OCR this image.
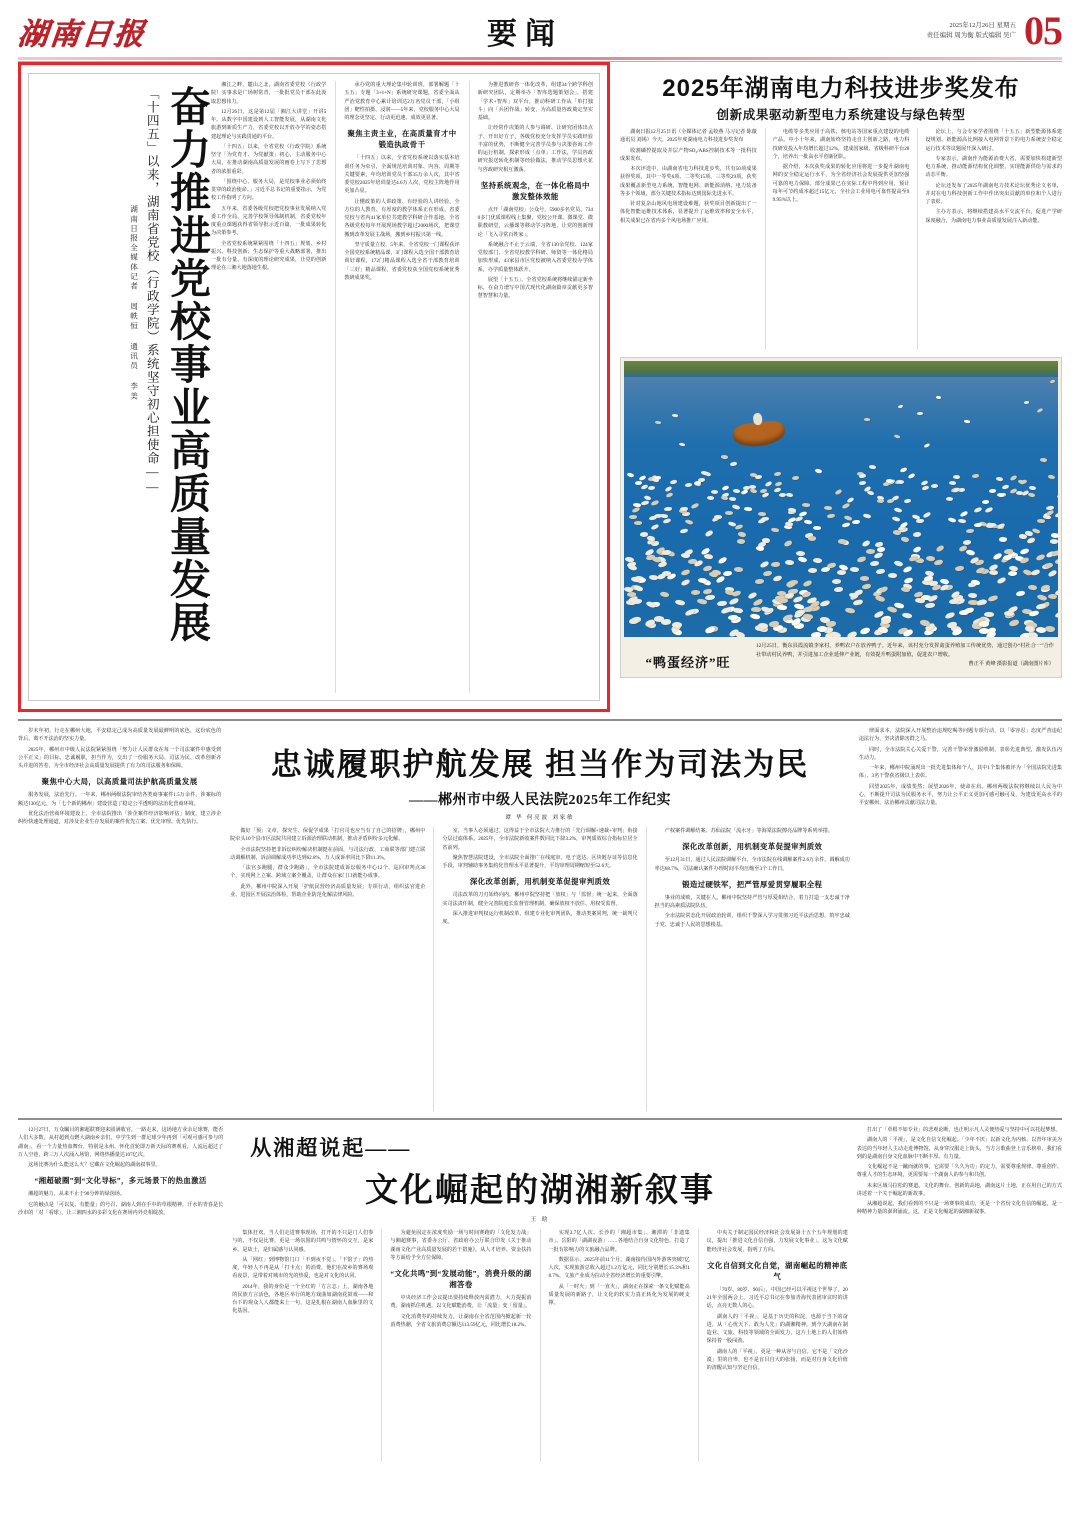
湖南日报	要闻	2025年12月26日 星期五
责任编辑 周为衡 版式编辑 吴广 05
奋力推进党校事业高质量发展
「十四五」以来，湖南省党校（行政学院）系统坚守初心担使命——
湖南日报全媒体记者 周帙恒 通讯员 李美

湘江之畔，麓山之北，湖南省委党校（行政学院）实事求是广场树常青，一批批党员干部在此汲取思想伟力。

12月26日，这是第12届「湘江大讲堂」开讲5年。从数字中国建设到人工智能发展，从湖南文化旅游到新质生产力，省委党校以开放办学的姿态搭建起理论与实践贯通的平台。

「十四五」以来，全省党校（行政学院）系统坚守「为党育才、为党献策」初心，主动服务中心大局，在推动湖南高质量发展的画卷上写下了思想者的浓墨重彩。

「围绕中心、服务大局，是党校事业必须始终贯穿的政治使命。」习近平总书记的重要指示，为党校工作指明了方向。

五年来，省委各级党校把党校事业发展纳入党委工作全局，完善学校领导体制机制，省委党校年度重点课题获得省领导批示近百篇，一批成果转化为决策参考。

全省党校系统紧紧围绕「十四五」规划、乡村振兴、科技创新、生态保护等重大战略部署，推出一批有分量、有深度的理论研究成果，让党的创新理论在三湘大地落地生根。

承办党的重大理论集中轮训班，部署解题「十五五」专题「3+1+N」系统研究课题，省委全面从严治党教育中心累计培训达2万名党员干部，「小组团」靶性拍摄、浸润——5年来，党校服务中心大局的理念更坚定、行动更迅速、成效更显著。

聚焦主责主业，在高质量育才中锻造执政骨干

「十四五」以来，全省党校系统以落实基本培训任务为牵引，全面规范培训对象、内容、周期等关键要素，年均培训党员干部35万余人次，其中省委党校2025年培训量达4.6万人次，党校主阵地作用更加凸显。

让懂政策的人讲政策、有经验的人讲经验，全方位的人教育、有厚度的教学体系正在形成。省委党校与省内41家单位共建教学科研合作基地，全省各级党校每年开展现场教学超过2000场次，把课堂搬到改革发展主战场，搬到乡村振兴第一线。

坚守质量立校，5年来，全省党校一门课程获评全国党校系统精品课，3门课程入选全国干部教育培训好课程，172门精品课程入选全省干部教育培训「三好」精品课程，省委党校获全国党校系统优秀教研成果奖。

为推进教研咨一体化改革，组建34个跨学科创新研究团队，定期举办「智库选题策划会」，搭建「学术+智库」双平台，推动科研工作从「单打独斗」向「兵团作战」转变，为高质量咨政奠定坚实基础。

让经常作决策的人参与调研、让研究团体出点子、开出好方子，各级党校充分发挥学员实践经验丰富的优势，不断健全完善学员参与决策咨询工作的运行机制，探索形成「点单」工作法，学员咨政研究报送转化机制等经验做法，推动学员思想火花与咨政研究相互激荡。

坚持系统观念，在一体化格局中激发整体效能

点开「湖南党校」公众号，5900多名党员、7340多门优质课程线上集聚，党校公开课、微课堂、微职教研堂，云播课等移动学习阵地，让党的创新理论「飞入寻常百姓家」。

系统融合不止于云端，全省130余党校、124家党校部门、全省党校教学科研、师资等一体化格局加快形成，43家县市区党校被纳入省委党校办学体系，办学质量整体跃升。

展望「十五五」，全省党校系统将继续锚定新坐标，在奋力谱写中国式现代化湖南篇章贡献更多智慧智慧和力量。

2025年湖南电力科技进步奖发布
创新成果驱动新型电力系统建设与绿色转型

湖南日报12月25日讯（全媒体记者 孟姣燕 马习记者 陈薇 通讯员 刘锡）今天，2025年度湖南电力科技进步奖发布

收割磷控提取及并层产物SO₂/ABS控制技术等一批科技成果发布。

本次评选中，由湖南省电力科技进步奖，共有50项成果获得奖项，其中一等奖6项、二等奖15项、三等奖29项。获奖成果覆盖新型电力系统、智能电网、新能源消纳、电力装备等多个领域，部分关键技术指标达到国际先进水平。

针对复杂山地风电场建设难题，获奖项目创新提出了一体化智能运维技术体系，显著提升了运维效率和安全水平，相关成果已在省内多个风电场推广应用。

电缆等多类应用于高铁、核电站等国家重点建设的电缆产品。中小十年来，湖南始终坚持走自主创新之路，电力科技研发投入年均增长超过12%，建成国家级、省级科研平台28个，培养出一批高水平创新团队。

据介绍，本次获奖成果的转化应用将进一步提升湖南电网的安全稳定运行水平，为全省经济社会发展提供更加坚强可靠的电力保障。部分成果已在实际工程中得到应用，预计每年可节约成本超过15亿元，全社会工业用电可靠性提高至99.95%以上。

论坛上，与会专家学者围绕「十五五」新型能源体系建设规划、新能源高比例接入电网背景下的电力系统安全稳定运行技术等议题展开深入研讨。

专家表示，湖南作为能源消费大省，需要加快构建新型电力系统，推动能源结构优化调整，实现能源供给与需求的动态平衡。

论坛还发布了2025年湖南电力技术论坛优秀论文名单，并对在电力科技创新工作中作出突出贡献的单位和个人进行了表彰。

主办方表示，将继续搭建高水平交流平台，促进产学研深度融合，为湖南电力事业高质量发展注入新动能。

“鸭蛋经济”旺
12月25日，衡东县霞流镇李家村，养鸭农户在放养鸭子。近年来，该村充分发挥禽蛋养殖加工传统优势，通过创办“村社合一”合作社带动村民养鸭，并引进加工企业延伸产业链，有效提升鸭蛋附加值，促进农户增收。
曹正平 黄峰 摄影报道（湖南图片库）

岁末年初，行走在郴州大地，平安稳定己成为高质量发展最鲜明的底色，这份底色的背后，离不开法治的坚实力量。

2025年，郴州市中级人民法院紧紧围绕「努力让人民群众在每一个司法案件中感受到公平正义」的目标，忠诚履职，担当作为，交出了一份服务大局、司法为民、改革创新齐头并进的答卷，为全市经济社会高质量发展提供了有力的司法服务和保障。

聚焦中心大局，以高质量司法护航高质量发展

服务发展，法治先行。一年来，郴州两级法院审结各类商事案件1.5万余件，涉案标的额达130亿元，为「七个新的郴州」建设营造了稳定公平透明的法治化营商环境。

优化法治营商环境建设上，全市法院推出「涉企案件经济影响评估」制度，建立涉企纠纷快速处理通道，对涉及企业生存发展的案件优先立案、优先审理、优先执行。

忠诚履职护航发展 担当作为司法为民
——郴州市中级人民法院2025年工作纪实
谭 华 何亮波 刘家敏

做好「预」文章，探究生、保促学成果「打官司也应当有了自己的招牌」，郴州中院牵头10个县市区法院共同建立诉源治理联动机制，推动矛盾纠纷多元化解。

全市法院坚持把非诉讼纠纷解决机制挺在前面，与司法行政、工商联等部门建立联动调解机制，诉前调解成功率达到62.8%，万人成诉率同比下降11.3%。

「法官多跑腿，群众少跑路」，全市法院建成诉讼服务中心12个，巡回审判点36个，实现网上立案、跨域立案全覆盖，让群众在家门口就能办成事。

此外，郴州中院深入开展「护航民营经济高质量发展」专项行动，组织法官进企业、进园区开展法治体检，帮助企业防范化解法律风险。

室，当事人必须通过。这得益于全市法院大力推行的「先行调解+速裁+审判」衔接分层过滤体系。2025年，全市法院新收案件数同比下降3.2%，审判质效综合指标位居全省前列。

聚焦智慧法院建设，全市法院全面推广在线庭审、电子送达、区块链存证等信息化手段，审判辅助事务集约化管理水平显著提升，平均审理周期缩短至52.6天。

深化改革创新，用机制变革促提审判质效

司法改革的刀刃始终向内。郴州中院坚持把「放权」与「监督」统一起来，全面落实司法责任制，健全完善院庭长监督管理机制，确保放权不放任、用权受监督。

深入推进审判权运行机制改革，组建专业化审判团队，推动类案同判，统一裁判尺度。

产权案件调解结案、苏仙法院「流水牙」等海棠法院擦亮品牌等系列举措。

深化改革创新，用机制变革促提审判质效

至12月31日，通过人民法院调解平台，全市法院在线调解案件2.6万余件，调解成功率达68.7%，司法确认案件办理时间平均压缩至3个工作日。

锻造过硬铁军，把严管厚爱贯穿履职全程

事业的成败，关键在人。郴州中院坚持严管与厚爱相结合，着力打造一支忠诚干净担当的高素质法院队伍。

全市法院常态化开展政治轮训，组织干警深入学习贯彻习近平法治思想，筑牢忠诚于党、忠诚于人民的思想根基。

律面求本，法院深入开展整治违规吃喝等问题专项行动，以「零容忍」态度严查违纪违法行为，坚决清除害群之马。

同时，全市法院关心关爱干警，完善干警荣誉激励机制，表彰先进典型，激发队伍内生动力。

一年来，郴州中院涌现出一批先进集体和个人，其中1个集体被评为「全国法院先进集体」，3名干警获省级以上表彰。

回望2025年，成绩斐然；展望2026年，使命在肩。郴州两级法院将继续以人民为中心，不断提升司法为民服务水平，努力让公平正义更加可感可触可及，为建设更高水平的平安郴州、法治郴州贡献司法力量。

12月27日，万众瞩目的湘超联赛迎来圆满收官。一路走来，这场地方业余足球赛，能否人们大多数，从村超到点燃大湖南乡亲们，中学生到一群足球少年再到「可观可感可参与的湖南」，看一个力量热血舞台，特别是永州、怀化首轮即万新天际的赛观看，人流远超过了万人空巷，跨三万人次涌入场馆，网络热播量达107亿次。

这场比赛为什么能这么火？它藏在文化崛起的湖南叙事里。

“湘超破圈”到“文化导标”，多元场景下的热血激活

湘超的魅力，从来不止于90分钟的绿茵场。

它的触点是「可以复、有能量」的号召，湖南人到在手中的草根精神，汗水的青春是长沙市的「对「看球」，让三湘四水的多彩文化在赛场内外竞相绽放。

从湘超说起——
文化崛起的湖湘新叙事
王 晗

集体狂欢。当人们走进赛事现场，打开的不只是门人们参与的，不仅是比赛，更是一场氛围的共鸣与情怀的交互，是家乡、是故土，是归属感与认同感。

从「网红」到博物馆门口「不到夜不觉」、「下馆子」的热度，年轻人不再是从「打卡点」的消费，他们在故乡的赛场观看夜景，是带着对城市的光的热爱，也是对文化的认同。

2014年，我的身份是一个全红的「方言志」上，湖南各地的民族方言活色，各地区举行的地方戏曲如湖南花鼓戏——和台下的观众人人都能来上一句，这是扎根在湖南人血脉里的文化基因。

为避免固定在浓度奖励一场与时间赛跑的「文化发力战」与湘超赛事，省委办公厅、省政府办公厅联合印发《关于推动湖南文化产业高质量发展的若干措施》，从人才培养、资金扶持等方面给予全方位保障。

“文化共鸣”到“发展动能”，消费升级的湖湘答卷

中央经济工作会议提出要持续释放内需潜力，大力提振消费。湖南抓住机遇，以文化赋能消费，让「流量」变「留量」。

文化消费券的持续发力，让湖南在全省范围内掀起新一轮消费热潮，全省文旅消费总额达113.59亿元，同比增长18.2%。

实现3.7亿人次、长沙的「湘超市集」、湘潭的「非遗集市」、岳阳的「湖湖夜游」……各地结合自身文化特色，打造了一批有影响力的文旅融合品牌。

数据显示，2025年前11个月，湖南接待国内外游客突破7亿人次，实现旅游总收入超过1.2万亿元，同比分别增长15.3%和18.7%，文旅产业成为拉动全省经济增长的重要引擎。

从「一时火」到「一直火」，湖南正在探索一条文化赋能高质量发展的新路子，让文化的软实力真正转化为发展的硬支撑。

中央关于制定国民经济和社会发展第十五个五年规划的建议，提出「推进文化自信自强，力发展文化事业」，这为文化赋能经济社会发展，指明了方向。

文化自信到文化自觉，湖南崛起的精神底气

「70岁、80岁、90后」，中国已经可以平视这个世界了。2021年全国两会上，习近平总书记在参加青海代表团审议时的讲话，点亮无数人的心。

湖南人的「平视」，是基于历史的积淀，也源于当下的奋进。从「心忧天下、敢为人先」的湖湘精神，到今天湖南在制造业、文旅、科技等领域的全面发力，这片土地上的人们始终保持着一股闯劲。

湖南人的「平视」，更是一种从容与自信。它不是「文化沙漠」里的自卑，也不是盲目自大的张扬，而是对自身文化价值的清醒认知与坚定自信。

打出了「草根不如专业」的悲观论断，也正明示凡人灵便热爱与坚持中可以托起梦想。

湖南人的「平视」，是文化自信文化崛起。「少年不厌」以新文化为内核、以青年审美为表达的当年轻人主动走进博物馆，从身穿汉服走上街头，当方言歌曲登上音乐榜单，我们看到的是湖南自身文化血脉中不断丰厚、有力量。

文化崛起不是一蹴而就的事，它需要「久久为功」的定力，需要尊重规律、尊重创作、尊重人才的生态环境，更需要每一个湖南人的参与和共创。

未来区域马拉松的赛道、文化的舞台、创新的高地，湖南这片土地，正在用自己的方式讲述着一个关于崛起的新故事。

从湘超说起，我们看到的不只是一场赛事的成功，更是一个省份文化自信的崛起，是一种精神力量的澎湃涌流。这，正是文化崛起的湖湘新叙事。
